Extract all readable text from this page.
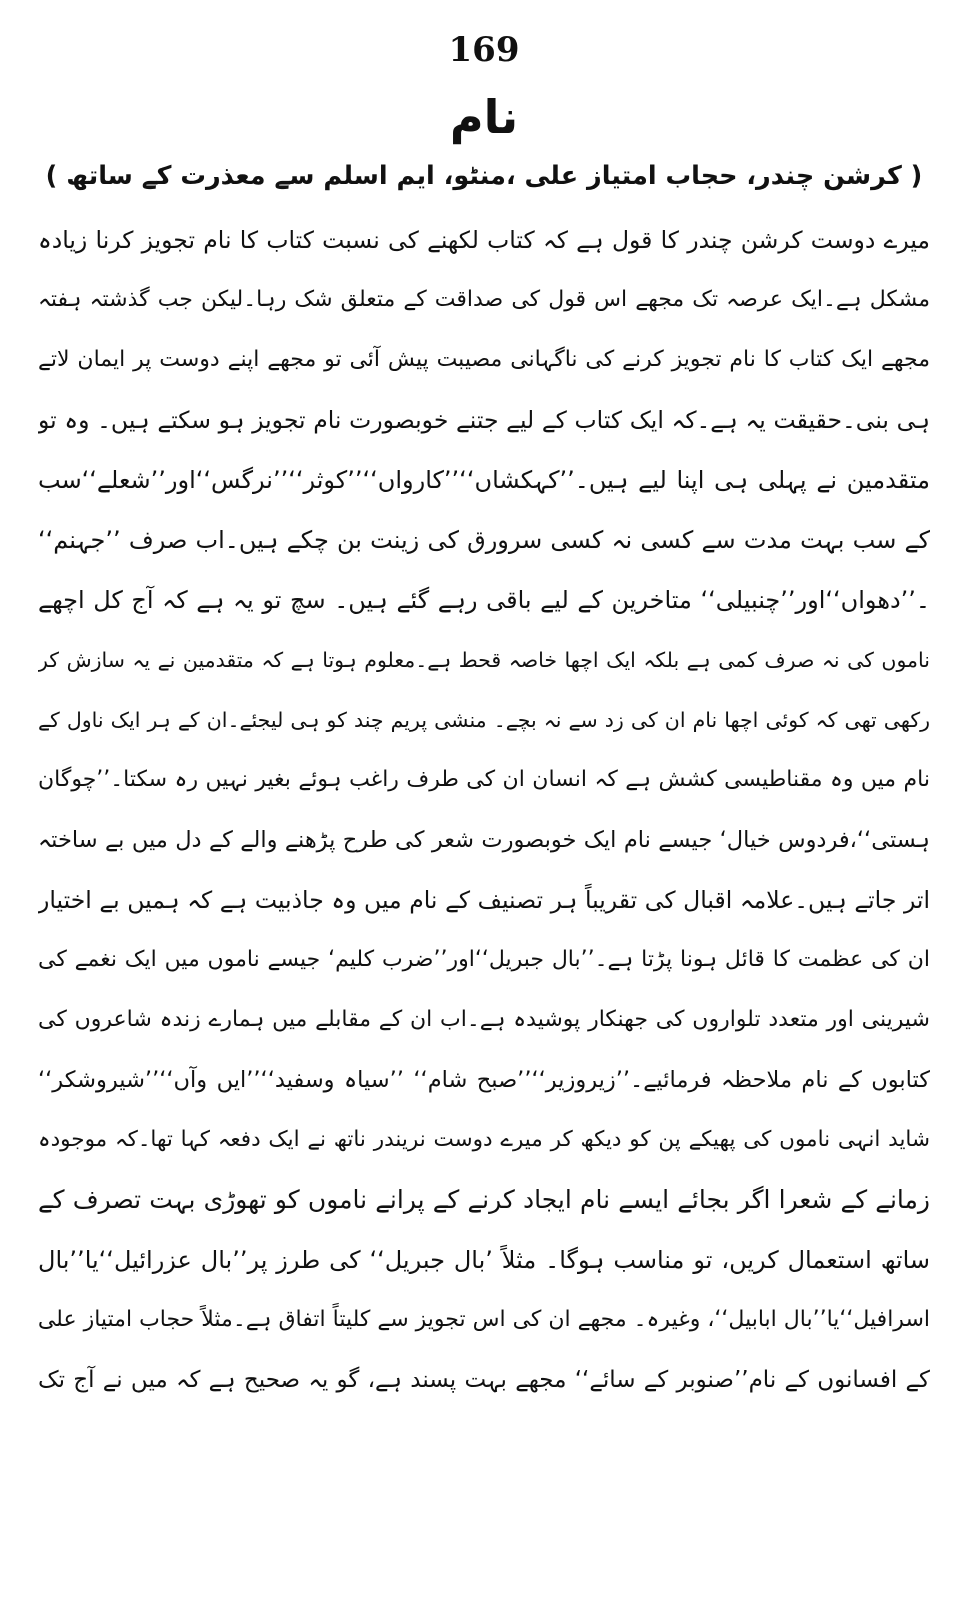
169
نام
( کرشن چندر، حجاب امتیاز علی ،منٹو، ایم اسلم سے معذرت کے ساتھ )
میرے دوست کرشن چندر کا قول ہے کہ کتاب لکھنے کی نسبت کتاب کا نام تجویز کرنا زیادہ
مشکل ہے۔ایک عرصہ تک مجھے اس قول کی صداقت کے متعلق شک رہا۔لیکن جب گذشتہ ہفتہ
مجھے ایک کتاب کا نام تجویز کرنے کی ناگہانی مصیبت پیش آئی تو مجھے اپنے دوست پر ایمان لاتے
ہی بنی۔حقیقت یہ ہے۔کہ ایک کتاب کے لیے جتنے خوبصورت نام تجویز ہو سکتے ہیں۔ وہ تو
متقدمین نے پہلی ہی اپنا لیے ہیں۔’’کہکشاں‘‘’’کارواں‘‘’’کوثر‘‘’’نرگس‘‘اور’’شعلے‘‘سب
کے سب بہت مدت سے کسی نہ کسی سرورق کی زینت بن چکے ہیں۔اب صرف ’’جہنم‘‘
۔’’دھواں‘‘اور’’چنبیلی‘‘ متاخرین کے لیے باقی رہے گئے ہیں۔ سچ تو یہ ہے کہ آج کل اچھے
ناموں کی نہ صرف کمی ہے بلکہ ایک اچھا خاصہ قحط ہے۔معلوم ہوتا ہے کہ متقدمین نے یہ سازش کر
رکھی تھی کہ کوئی اچھا نام ان کی زد سے نہ بچے۔ منشی پریم چند کو ہی لیجئے۔ان کے ہر ایک ناول کے
نام میں وہ مقناطیسی کشش ہے کہ انسان ان کی طرف راغب ہوئے بغیر نہیں رہ سکتا۔’’چوگان
ہستی‘‘،فردوس خیال‘ جیسے نام ایک خوبصورت شعر کی طرح پڑھنے والے کے دل میں بے ساختہ
اتر جاتے ہیں۔علامہ اقبال کی تقریباً ہر تصنیف کے نام میں وہ جاذبیت ہے کہ ہمیں بے اختیار
ان کی عظمت کا قائل ہونا پڑتا ہے۔’’بال جبریل‘‘اور’’ضرب کلیم‘ جیسے ناموں میں ایک نغمے کی
شیرینی اور متعدد تلواروں کی جھنکار پوشیدہ ہے۔اب ان کے مقابلے میں ہمارے زندہ شاعروں کی
کتابوں کے نام ملاحظہ فرمائیے۔’’زیروزیر‘‘’’صبح شام‘‘ ’’سیاہ وسفید‘‘’’ایں وآں‘‘’’شیروشکر‘‘
شاید انہی ناموں کی پھیکے پن کو دیکھ کر میرے دوست نریندر ناتھ نے ایک دفعہ کہا تھا۔کہ موجودہ
زمانے کے شعرا اگر بجائے ایسے نام ایجاد کرنے کے پرانے ناموں کو تھوڑی بہت تصرف کے
ساتھ استعمال کریں، تو مناسب ہوگا۔ مثلاً ’بال جبریل‘‘ کی طرز پر’’بال عزرائیل‘‘یا’’بال
اسرافیل‘‘یا’’بال ابابیل‘‘، وغیرہ۔ مجھے ان کی اس تجویز سے کلیتاً اتفاق ہے۔مثلاً حجاب امتیاز علی
کے افسانوں کے نام’’صنوبر کے سائے‘‘ مجھے بہت پسند ہے، گو یہ صحیح ہے کہ میں نے آج تک
